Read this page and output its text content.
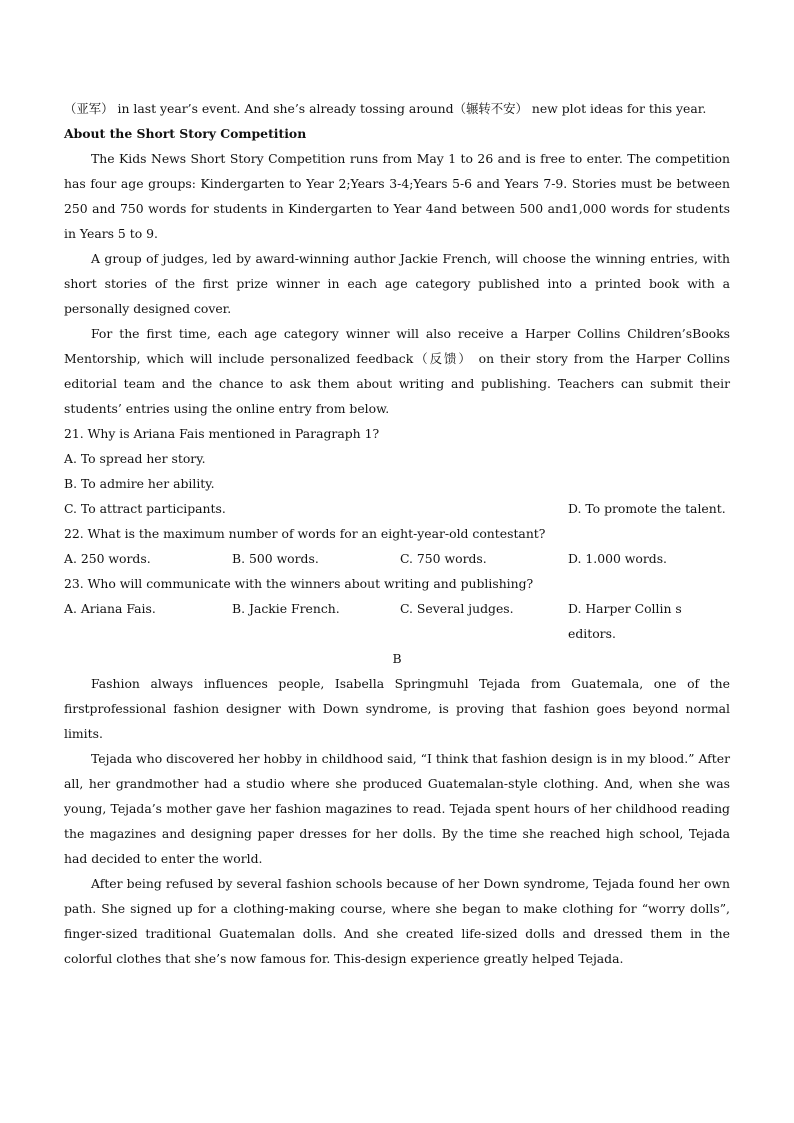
（亚军） in last year’s event. And she’s already tossing around（辗转不安） new plot ideas for this year.

About the Short Story Competition

The Kids News Short Story Competition runs from May 1 to 26 and is free to enter. The competition has four age groups: Kindergarten to Year 2;Years 3-4;Years 5-6 and Years 7-9. Stories must be between 250 and 750 words for students in Kindergarten to Year 4and between 500 and1,000 words for students in Years 5 to 9.

A group of judges, led by award-winning author Jackie French, will choose the winning entries, with short stories of the first prize winner in each age category published into a printed book with a personally designed cover.

For the first time, each age category winner will also receive a Harper Collins Children’sBooks Mentorship, which will include personalized feedback（反馈） on their story from the Harper Collins editorial team and the chance to ask them about writing and publishing. Teachers can submit their students’ entries using the online entry from below.

21. Why is Ariana Fais mentioned in Paragraph 1?

A. To spread her story.
B. To admire her ability.
C. To attract participants.	D. To promote the talent.

22. What is the maximum number of words for an eight-year-old contestant?

A. 250 words.	B. 500 words.	C. 750 words.	D. 1.000 words.

23. Who will communicate with the winners about writing and publishing?

A. Ariana Fais.	B. Jackie French.	C. Several judges.	D. Harper Collin s editors.

B

Fashion always influences people, Isabella Springmuhl Tejada from Guatemala, one of the firstprofessional fashion designer with Down syndrome, is proving that fashion goes beyond normal limits.

Tejada who discovered her hobby in childhood said, “I think that fashion design is in my blood.” After all, her grandmother had a studio where she produced Guatemalan-style clothing. And, when she was young, Tejada’s mother gave her fashion magazines to read. Tejada spent hours of her childhood reading the magazines and designing paper dresses for her dolls. By the time she reached high school, Tejada had decided to enter the world.

After being refused by several fashion schools because of her Down syndrome, Tejada found her own path. She signed up for a clothing-making course, where she began to make clothing for “worry dolls”, finger-sized traditional Guatemalan dolls. And she created life-sized dolls and dressed them in the colorful clothes that she’s now famous for. This-design experience greatly helped Tejada.
